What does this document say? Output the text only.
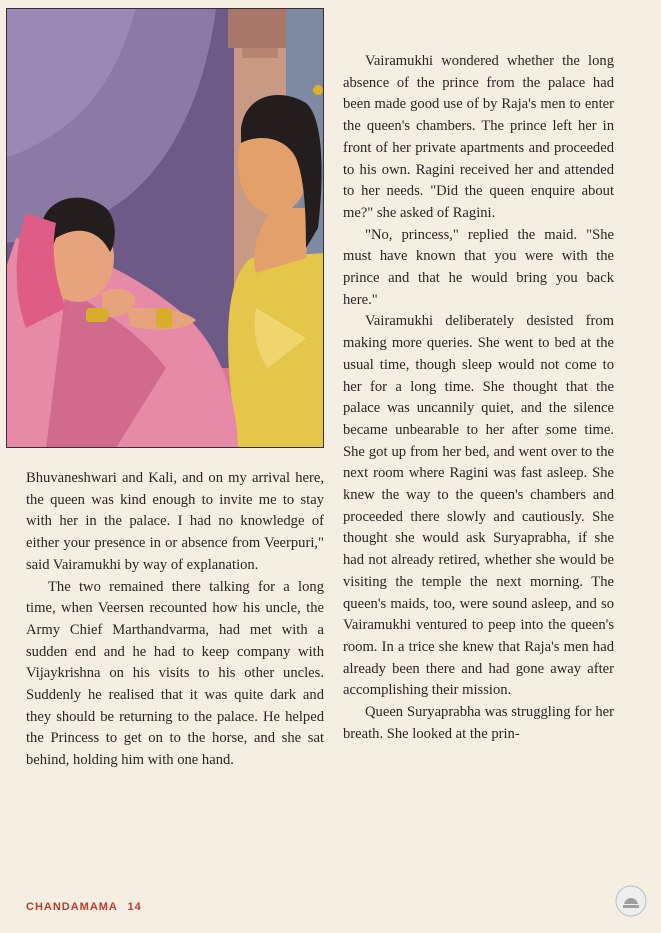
Bhuvaneshwari and Kali, and on my arrival here, the queen was kind enough to invite me to stay with her in the palace. I had no knowledge of either your presence in or absence from Veerpuri," said Vairamukhi by way of explanation.

The two remained there talking for a long time, when Veersen recounted how his uncle, the Army Chief Marthandvarma, had met with a sudden end and he had to keep company with Vijaykrishna on his visits to his other uncles. Suddenly he realised that it was quite dark and they should be returning to the palace. He helped the Princess to get on to the horse, and she sat behind, holding him with one hand.

Vairamukhi wondered whether the long absence of the prince from the palace had been made good use of by Raja's men to enter the queen's chambers. The prince left her in front of her private apartments and proceeded to his own. Ragini received her and attended to her needs. "Did the queen enquire about me?" she asked of Ragini.

"No, princess," replied the maid. "She must have known that you were with the prince and that he would bring you back here."

Vairamukhi deliberately desisted from making more queries. She went to bed at the usual time, though sleep would not come to her for a long time. She thought that the palace was uncannily quiet, and the silence became unbearable to her after some time. She got up from her bed, and went over to the next room where Ragini was fast asleep. She knew the way to the queen's chambers and proceeded there slowly and cautiously. She thought she would ask Suryaprabha, if she had not already retired, whether she would be visiting the temple the next morning. The queen's maids, too, were sound asleep, and so Vairamukhi ventured to peep into the queen's room. In a trice she knew that Raja's men had already been there and had gone away after accomplishing their mission.

Queen Suryaprabha was struggling for her breath. She looked at the prin-

CHANDAMAMA 14
